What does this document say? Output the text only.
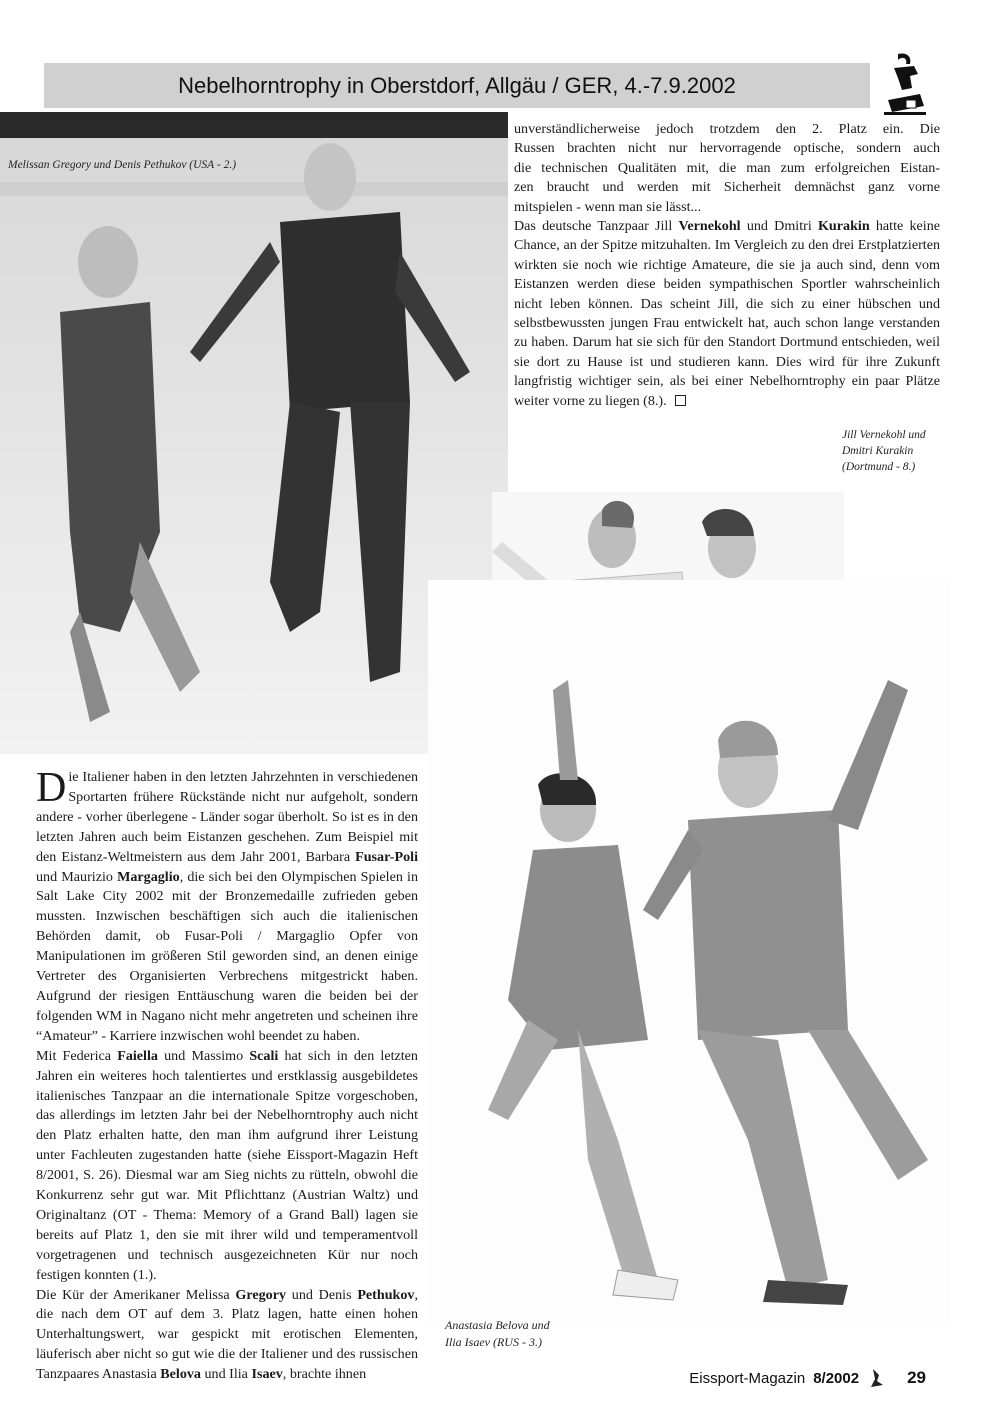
Nebelhorntrophy in Oberstdorf, Allgäu / GER, 4.-7.9.2002
Melissan Gregory und Denis Pethukov (USA - 2.)
unverständlicherweise jedoch trotzdem den 2. Platz ein. Die
Russen brachten nicht nur hervorragende optische, sondern auch
die technischen Qualitäten mit, die man zum erfolgreichen Eistan-
zen braucht und werden mit Sicherheit demnächst ganz vorne
mitspielen - wenn man sie lässt...

Das deutsche Tanzpaar Jill Vernekohl und Dmitri Kurakin hatte keine Chance, an der Spitze mitzuhalten. Im Vergleich zu den drei Erstplatzierten wirkten sie noch wie richtige Amateure, die sie ja auch sind, denn vom Eistanzen werden diese beiden sympathischen Sportler wahrscheinlich nicht leben können. Das scheint Jill, die sich zu einer hübschen und selbstbewussten jungen Frau entwickelt hat, auch schon lange verstanden zu haben. Darum hat sie sich für den Standort Dortmund entschieden, weil sie dort zu Hause ist und studieren kann. Dies wird für ihre Zukunft langfristig wichtiger sein, als bei einer Nebelhorntrophy ein paar Plätze weiter vorne zu liegen (8.).

Jill Vernekohl und
Dmitri Kurakin
(Dortmund - 8.)
Anastasia Belova und
Ilia Isaev (RUS - 3.)

Die Italiener haben in den letzten Jahrzehnten in verschiedenen Sportarten frühere Rückstände nicht nur aufgeholt, sondern andere - vorher überlegene - Länder sogar überholt. So ist es in den letzten Jahren auch beim Eistanzen geschehen. Zum Beispiel mit den Eistanz-Weltmeistern aus dem Jahr 2001, Barbara Fusar-Poli und Maurizio Margaglio, die sich bei den Olympischen Spielen in Salt Lake City 2002 mit der Bronzemedaille zufrieden geben mussten. Inzwischen beschäftigen sich auch die italienischen Behörden damit, ob Fusar-Poli / Margaglio Opfer von Manipulationen im größeren Stil geworden sind, an denen einige Vertreter des Organisierten Verbrechens mitgestrickt haben. Aufgrund der riesigen Enttäuschung waren die beiden bei der folgenden WM in Nagano nicht mehr angetreten und scheinen ihre “Amateur” - Karriere inzwischen wohl beendet zu haben.

Mit Federica Faiella und Massimo Scali hat sich in den letzten Jahren ein weiteres hoch talentiertes und erstklassig ausgebildetes italienisches Tanzpaar an die internationale Spitze vorgeschoben, das allerdings im letzten Jahr bei der Nebelhorntrophy auch nicht den Platz erhalten hatte, den man ihm aufgrund ihrer Leistung unter Fachleuten zugestanden hatte (siehe Eissport-Magazin Heft 8/2001, S. 26). Diesmal war am Sieg nichts zu rütteln, obwohl die Konkurrenz sehr gut war. Mit Pflichttanz (Austrian Waltz) und Originaltanz (OT - Thema: Memory of a Grand Ball) lagen sie bereits auf Platz 1, den sie mit ihrer wild und temperamentvoll vorgetragenen und technisch ausgezeichneten Kür nur noch festigen konnten (1.).

Die Kür der Amerikaner Melissa Gregory und Denis Pethukov, die nach dem OT auf dem 3. Platz lagen, hatte einen hohen Unterhaltungswert, war gespickt mit erotischen Elementen, läuferisch aber nicht so gut wie die der Italiener und des russischen Tanzpaares Anastasia Belova und Ilia Isaev, brachte ihnen	Eissport-Magazin 8/2002	29
